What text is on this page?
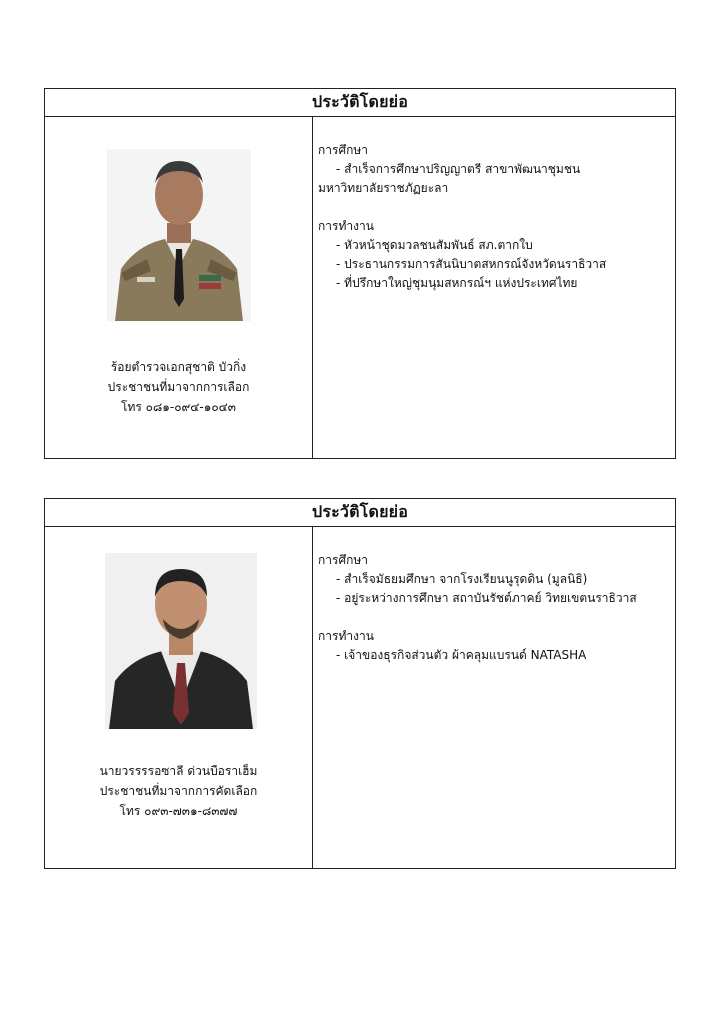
ประวัติโดยย่อ
ร้อยตำรวจเอกสุชาติ บัวกิ่ง
ประชาชนที่มาจากการเลือก
โทร ๐๘๑-๐๙๔-๑๐๔๓
การศึกษา
- สำเร็จการศึกษาปริญญาตรี สาขาพัฒนาชุมชน
มหาวิทยาลัยราชภัฏยะลา
การทำงาน
- หัวหน้าชุดมวลชนสัมพันธ์ สภ.ตากใบ
- ประธานกรรมการสันนิบาตสหกรณ์จังหวัดนราธิวาส
- ที่ปรึกษาใหญ่ชุมนุมสหกรณ์ฯ แห่งประเทศไทย
ประวัติโดยย่อ
นายวรรรรอซาลี ด่วนบือราเฮ็ม
ประชาชนที่มาจากการคัดเลือก
โทร ๐๙๓-๗๓๑-๘๓๗๗
การศึกษา
- สำเร็จมัธยมศึกษา จากโรงเรียนนูรุดดิน (มูลนิธิ)
- อยู่ระหว่างการศึกษา สถาบันรัชต์ภาคย์ วิทยเขตนราธิวาส
การทำงาน
- เจ้าของธุรกิจส่วนตัว ผ้าคลุมแบรนด์ NATASHA
